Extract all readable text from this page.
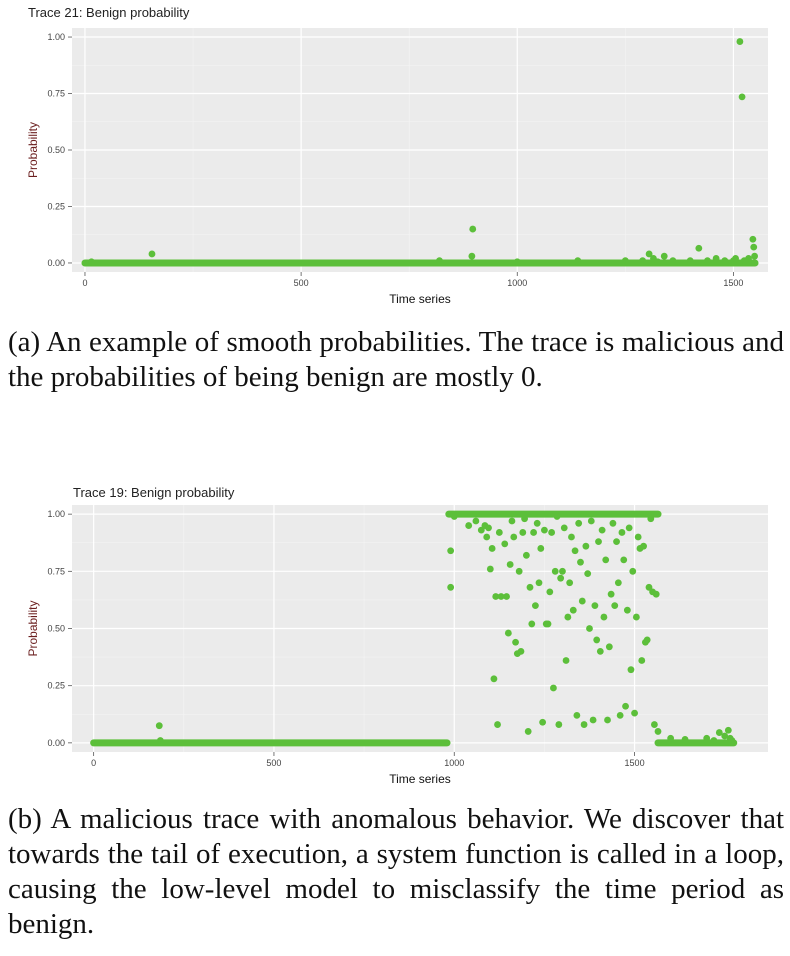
Trace 21: Benign probability
0.00
0.25
0.50
0.75
1.00
0	500	1000	1500
Time series
Probability

(a) An example of smooth probabilities. The trace is malicious and the probabilities of being benign are mostly 0.

Trace 19: Benign probability
0.00
0.25
0.50
0.75
1.00
0	500	1000	1500
Time series
Probability

(b) A malicious trace with anomalous behavior. We discover that towards the tail of execution, a system function is called in a loop, causing the low-level model to misclassify the time period as benign.
